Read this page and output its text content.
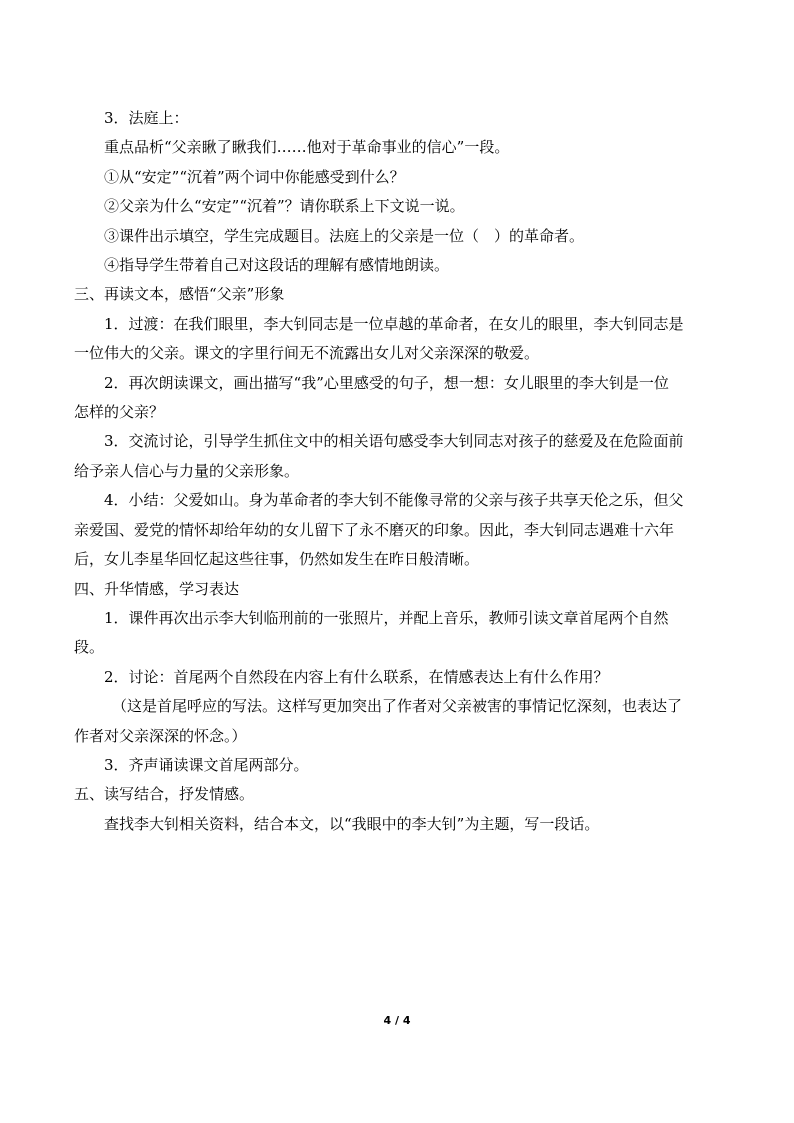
3．法庭上：

重点品析“父亲瞅了瞅我们……他对于革命事业的信心”一段。

①从“安定”“沉着”两个词中你能感受到什么？

②父亲为什么“安定”“沉着”？请你联系上下文说一说。

③课件出示填空，学生完成题目。法庭上的父亲是一位（　）的革命者。

④指导学生带着自己对这段话的理解有感情地朗读。

三、再读文本，感悟“父亲”形象

1．过渡：在我们眼里，李大钊同志是一位卓越的革命者，在女儿的眼里，李大钊同志是

一位伟大的父亲。课文的字里行间无不流露出女儿对父亲深深的敬爱。

2．再次朗读课文，画出描写“我”心里感受的句子，想一想：女儿眼里的李大钊是一位

怎样的父亲？

3．交流讨论，引导学生抓住文中的相关语句感受李大钊同志对孩子的慈爱及在危险面前

给予亲人信心与力量的父亲形象。

4．小结：父爱如山。身为革命者的李大钊不能像寻常的父亲与孩子共享天伦之乐，但父

亲爱国、爱党的情怀却给年幼的女儿留下了永不磨灭的印象。因此，李大钊同志遇难十六年

后，女儿李星华回忆起这些往事，仍然如发生在昨日般清晰。

四、升华情感，学习表达

1．课件再次出示李大钊临刑前的一张照片，并配上音乐，教师引读文章首尾两个自然

段。

2．讨论：首尾两个自然段在内容上有什么联系，在情感表达上有什么作用？

（这是首尾呼应的写法。这样写更加突出了作者对父亲被害的事情记忆深刻，也表达了

作者对父亲深深的怀念。）

3．齐声诵读课文首尾两部分。

五、读写结合，抒发情感。

查找李大钊相关资料，结合本文，以“我眼中的李大钊”为主题，写一段话。

4 / 4
